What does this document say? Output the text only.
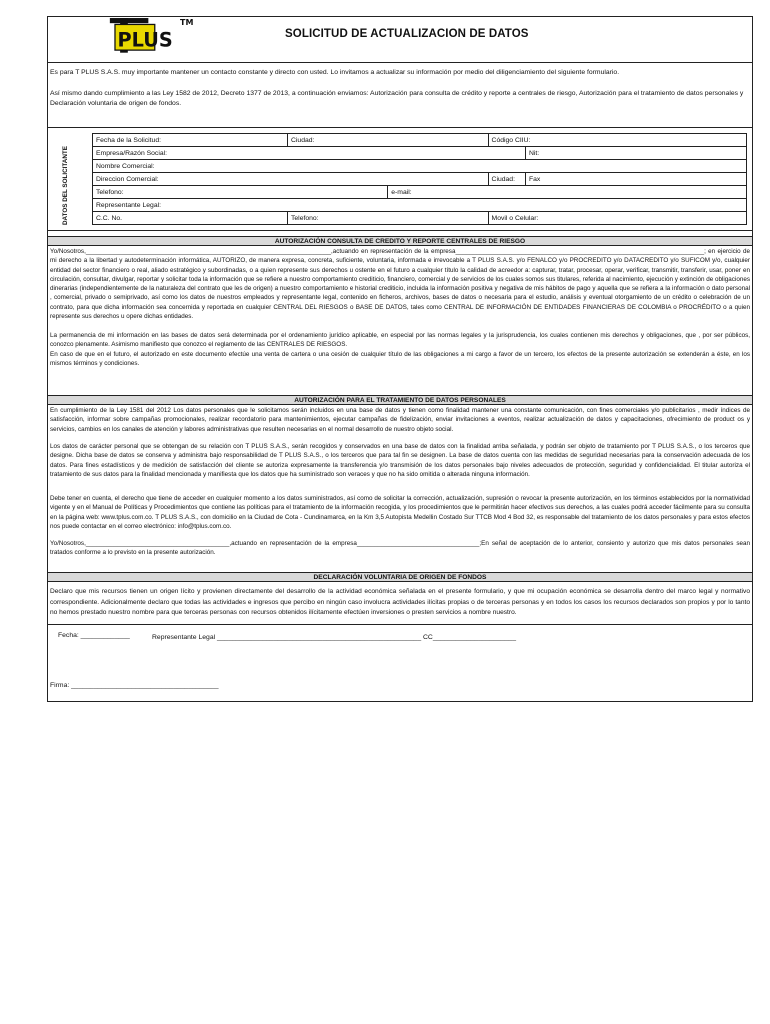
PLUS
TM
SOLICITUD DE ACTUALIZACION DE DATOS
Es para T PLUS S.A.S. muy importante mantener un contacto constante y directo con usted. Lo invitamos a actualizar su información por medio del diligenciamiento del siguiente formulario.
Así mismo dando cumplimiento a las Ley 1582 de 2012, Decreto 1377 de 2013, a continuación enviamos: Autorización para consulta de crédito y reporte a centrales de riesgo, Autorización para el tratamiento de datos personales y Declaración voluntaria de origen de fondos.
DATOS DEL SOLICITANTE
Fecha de la Solicitud:	Ciudad:		Código CIIU:	
Empresa/Razón Social:				Nit:
Nombre Comercial:				
Direccion Comercial:			Ciudad:	Fax
Telefono:		e-mail:		
Representante Legal:				
C.C. No.	Telefono:		Movil o Celular:	
AUTORIZACIÓN CONSULTA DE CREDITO Y REPORTE CENTRALES DE RIESGO
Yo/Nosotros,______________________________________________________________________,actuando en representación de la empresa_______________________________________________________________________; en ejercicio de mi derecho a la libertad y autodeterminación informática, AUTORIZO, de manera expresa, concreta, suficiente, voluntaria, informada e irrevocable a T PLUS S.A.S. y/o FENALCO y/o PROCREDITO y/o DATACREDITO y/o SUFICOM y/o, cualquier entidad del sector financiero o real, aliado estratégico y subordinadas, o a quien represente sus derechos u ostente en el futuro a cualquier título la calidad de acreedor a: capturar, tratar, procesar, operar, verificar, transmitir, transferir, usar, poner en circulación, consultar, divulgar, reportar y solicitar toda la información que se refiere a nuestro comportamiento crediticio, financiero, comercial y de servicios de los cuales somos sus titulares, referida al nacimiento, ejecución y extinción de obligaciones dinerarias (independientemente de la naturaleza del contrato que les de origen) a nuestro comportamiento e historial crediticio, incluida la información positiva y negativa de mis hábitos de pago y aquella que se refiera a la información o dato personal , comercial, privado o semiprivado, así como los datos de nuestros empleados y representante legal, contenido en ficheros, archivos, bases de datos o necesaria para el estudio, análisis y eventual otorgamiento de un crédito o celebración de un contrato, para que dicha información sea concernida y reportada en cualquier CENTRAL DEL RIESGOS o BASE DE DATOS, tales como CENTRAL DE INFORMACIÓN DE ENTIDADES FINANCIERAS DE COLOMBIA o PROCRÉDITO o a quien represente sus derechos u opere dichas entidades.
La permanencia de mi información en las bases de datos será determinada por el ordenamiento jurídico aplicable, en especial por las normas legales y la jurisprudencia, los cuales contienen mis derechos y obligaciones, que , por ser públicos, conozco plenamente. Asimismo manifiesto que conozco el reglamento de las CENTRALES DE RIESGOS.
En caso de que en el futuro, el autorizado en este documento efectúe una venta de cartera o una cesión de cualquier título de las obligaciones a mi cargo a favor de un tercero, los efectos de la presente autorización se extenderán a éste, en los mismos términos y condiciones.
AUTORIZACIÓN PARA EL TRATAMIENTO DE DATOS PERSONALES
En cumplimiento de la Ley 1581 del 2012 Los datos personales que le solicitamos serán incluidos en una base de datos y tienen como finalidad mantener una constante comunicación, con fines comerciales y/o publicitarios , medir índices de satisfacción, informar sobre campañas promocionales, realizar recordatorio para mantenimientos, ejecutar campañas de fidelización, enviar invitaciones a eventos, realizar actualización de datos y capacitaciones, ofrecimiento de product os y servicios, cambios en los canales de atención y labores administrativas que resulten necesarias en el normal desarrollo de nuestro objeto social.
Los datos de carácter personal que se obtengan de su relación con T PLUS S.A.S., serán recogidos y conservados en una base de datos con la finalidad arriba señalada, y podrán ser objeto de tratamiento por T PLUS S.A.S., o los terceros que designe. Dicha base de datos se conserva y administra bajo responsabilidad de T PLUS S.A.S., o los terceros que para tal fin se designen. La base de datos cuenta con las medidas de seguridad necesarias para la conservación adecuada de los datos. Para fines estadísticos y de medición de satisfacción del cliente se autoriza expresamente la transferencia y/o transmisión de los datos personales bajo niveles adecuados de protección, seguridad y confidencialidad. El titular autoriza el tratamiento de sus datos para la finalidad mencionada y manifiesta que los datos que ha suministrado son veraces y que no ha sido omitida o alterada ninguna información.
Debe tener en cuenta, el derecho que tiene de acceder en cualquier momento a los datos suministrados, así como de solicitar la corrección, actualización, supresión o revocar la presente autorización, en los términos establecidos por la normatividad vigente y en el Manual de Políticas y Procedimientos que contiene las políticas para el tratamiento de la información recogida, y los procedimientos que le permitirán hacer efectivos sus derechos, a las cuales podrá acceder fácilmente para su consulta en la página web: www.tplus.com.co. T PLUS S.A.S., con domicilio en la Ciudad de Cota - Cundinamarca, en la Km 3,5 Autopista Medellin Costado Sur TTCB Mod 4 Bod 32, es responsable del tratamiento de los datos personales y para estos efectos nos puede contactar en el correo electrónico: info@tplus.com.co.
Yo/Nosotros,_________________________________________,actuando en representación de la empresa___________________________________;En señal de aceptación de lo anterior, consiento y autorizo que mis datos personales sean tratados conforme a lo previsto en la presente autorización.
DECLARACIÓN VOLUNTARIA DE ORIGEN DE FONDOS
Declaro que mis recursos tienen un origen lícito y provienen directamente del desarrollo de la actividad económica señalada en el presente formulario, y que mi ocupación económica se desarrolla dentro del marco legal y normativo correspondiente. Adicionalmente declaro que todas las actividades e ingresos que percibo en ningún caso involucra actividades ilícitas propias o de terceras personas y en todos los casos los recursos declarados son propios y por lo tanto no hemos prestado nuestro nombre para que terceras personas con recursos obtenidos ilícitamente efectúen inversiones o presten servicios a nombre nuestro.
Fecha: _____________	Representante Legal ______________________________________________________ CC______________________
Firma: _______________________________________
